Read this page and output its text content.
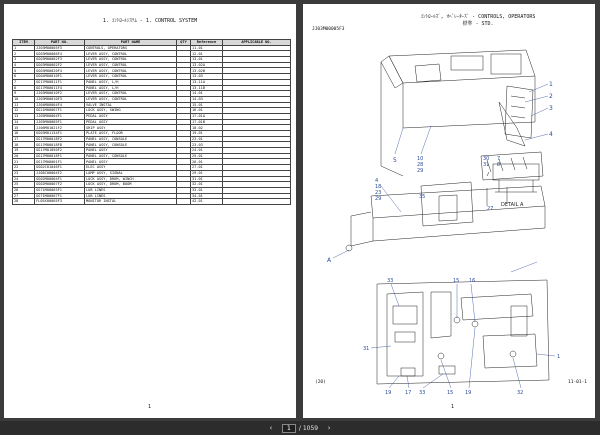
1. ｺﾝﾄﾛｰﾙｼｽﾃﾑ - 1. CONTROL SYSTEM
ITEM	PART NO.	PART NAME	QTY	Reference	APPLICABLE NO.
1	JJ03M00005F3	CONTROLS, OPERATORS		11-01	
2	GG03M00006F4	LEVER ASSY, CONTROL		12-01	
3	GG03M00002F3	LEVER ASSY, CONTROL		13-01	
4	GG03M00002F2	LEVER ASSY, CONTROL		13-02A	
5	GG03M00020F4	LEVER ASSY, CONTROL		13-02B	
6	GG04M00010F1	LEVER ASSY, CONTROL		13-03	
7	GG17M00011F1	PANEL ASSY, L/H		13-11A	
8	GG17M00011F4	PANEL ASSY, L/H		13-11B	
9	JJ03M00010F2	LEVER ASSY, CONTROL		14-01	
10	JJ03M00010F3	LEVER ASSY, CONTROL		14-03	
11	JJ04M00004F4	VALVE INSTAL		15-01	
12	GG21M00007F1	LOCK ASSY, SWING		16-01	
13	JJ05M00004F1	PEDAL ASSY		17-01A	
14	JJ05M00005F1	PEDAL ASSY		17-01B	
15	JJ06M01021F2	GRIP ASSY		18-02	
16	GG03M01134F1	PLATE ASSY, FLOOR		19-01	
17	GG17M00018F2	PANEL ASSY, CONSOLE		23-01	
18	GG17M00018F8	PANEL ASSY, CONSOLE		23-03	
19	GG17M01050F2	PANEL ASSY		24-01	
20	GG17M00018F1	PANEL ASSY, CONSOLE		25-01	
21	GG17M00001F1	PANEL ASSY		26-01	
22	GG02C01046F1	ELEC ASSY		27-01	
23	JJ08C00004F2	LAMP ASSY, SIGNAL		29-01	
24	GG02M00004F1	LOCK ASSY, DRUM, WINCH		31-01	
25	GG02M00007F2	LOCK ASSY, DRUM, BOOM		32-01	
26	GG71M00003F1	LUB LINES		33-01	
27	GG71M00007F1	LUB LINES		34-01	
28	FL05X00005F3	MONITOR INSTAL		42-01	
1
ｺﾝﾄﾛｰﾙｽﾞ, ｵﾍﾟﾚｰﾀｰｽﾞ - CONTROLS, OPERATORS
標準 - STD.
JJ03M00005F3
DETAIL A
1
2
3
4
5	10
28
29
30
31
7
8
4
18
23
29	35
27
A
33	15 16
31
19	17 33	15 19	32
1
(20)	11-01-1
1
‹	1	/ 1059	›
